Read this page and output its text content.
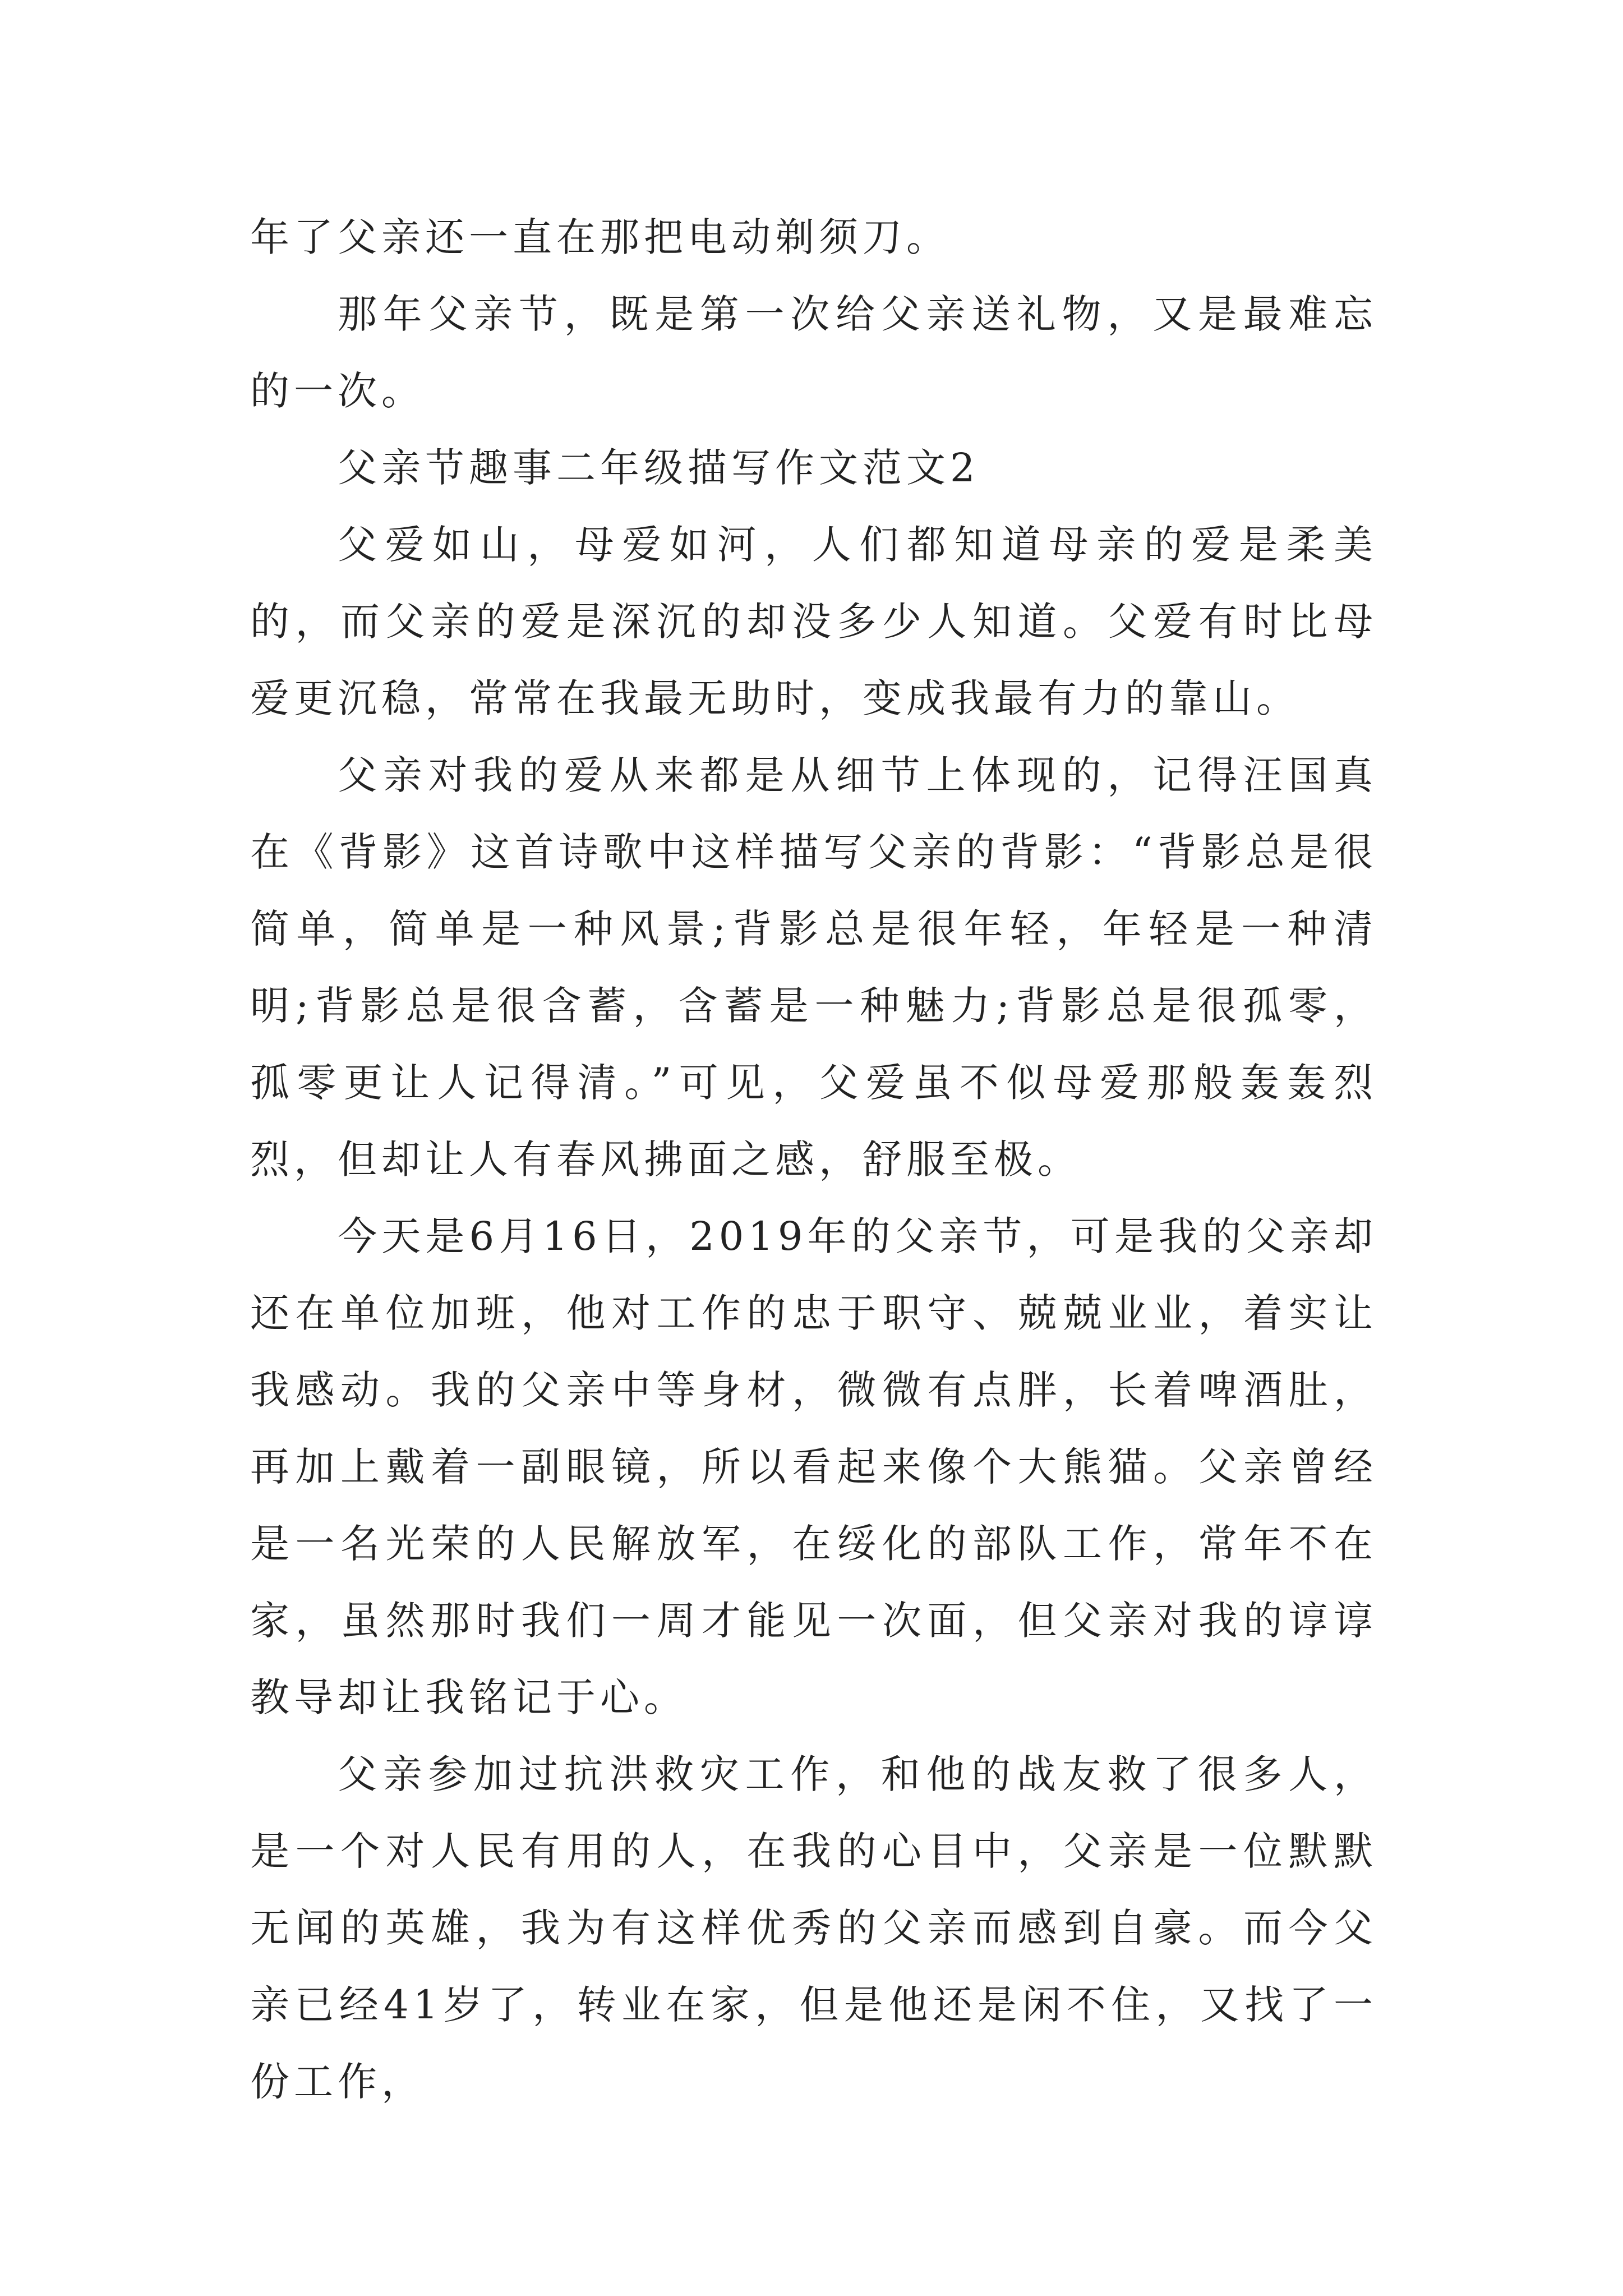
年了父亲还一直在那把电动剃须刀。

那年父亲节，既是第一次给父亲送礼物，又是最难忘的一次。

父亲节趣事二年级描写作文范文2

父爱如山，母爱如河，人们都知道母亲的爱是柔美的，而父亲的爱是深沉的却没多少人知道。父爱有时比母爱更沉稳，常常在我最无助时，变成我最有力的靠山。

父亲对我的爱从来都是从细节上体现的，记得汪国真在《背影》这首诗歌中这样描写父亲的背影：“背影总是很简单，简单是一种风景;背影总是很年轻，年轻是一种清明;背影总是很含蓄，含蓄是一种魅力;背影总是很孤零，孤零更让人记得清。”可见，父爱虽不似母爱那般轰轰烈烈，但却让人有春风拂面之感，舒服至极。

今天是6月16日，2019年的父亲节，可是我的父亲却还在单位加班，他对工作的忠于职守、兢兢业业，着实让我感动。我的父亲中等身材，微微有点胖，长着啤酒肚，再加上戴着一副眼镜，所以看起来像个大熊猫。父亲曾经是一名光荣的人民解放军，在绥化的部队工作，常年不在家，虽然那时我们一周才能见一次面，但父亲对我的谆谆教导却让我铭记于心。

父亲参加过抗洪救灾工作，和他的战友救了很多人，是一个对人民有用的人，在我的心目中，父亲是一位默默无闻的英雄，我为有这样优秀的父亲而感到自豪。而今父亲已经41岁了，转业在家，但是他还是闲不住，又找了一份工作，
